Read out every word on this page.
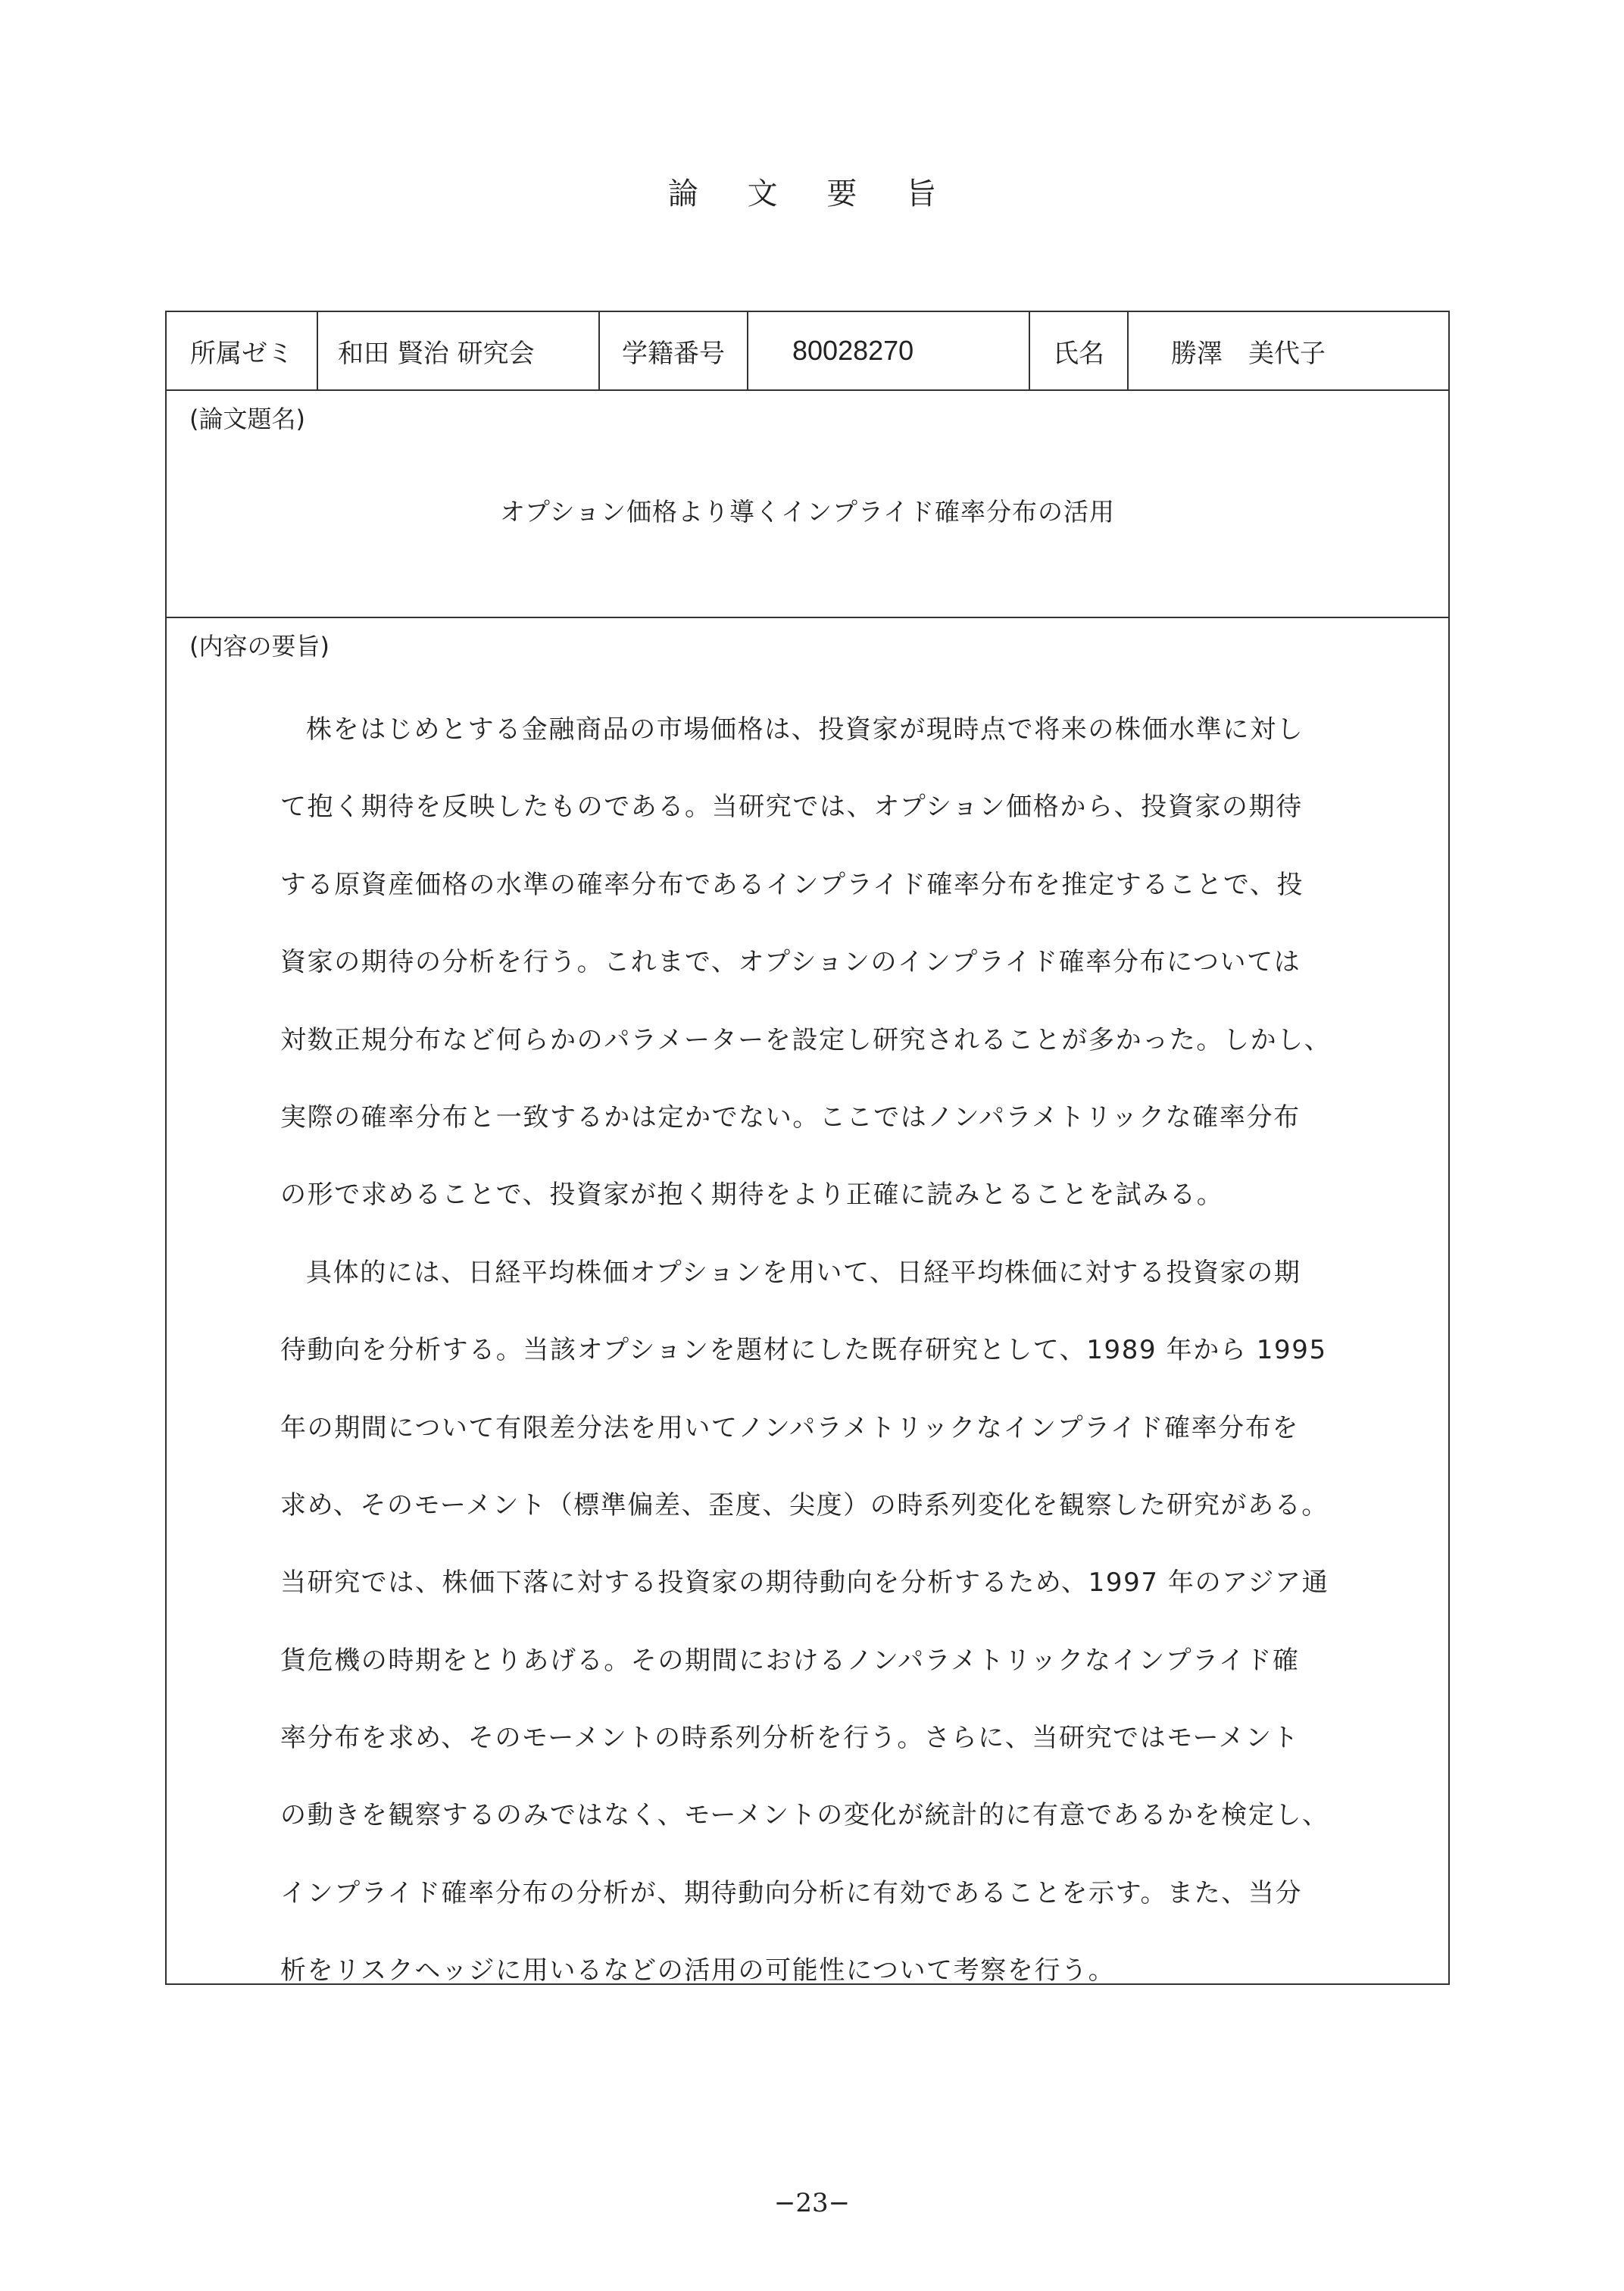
論 文 要 旨
所属ゼミ	和田 賢治 研究会	学籍番号	80028270	氏名	勝澤　美代子
(論文題名)
オプション価格より導くインプライド確率分布の活用
(内容の要旨)
株をはじめとする金融商品の市場価格は、投資家が現時点で将来の株価水準に対し
て抱く期待を反映したものである。当研究では、オプション価格から、投資家の期待
する原資産価格の水準の確率分布であるインプライド確率分布を推定することで、投
資家の期待の分析を行う。これまで、オプションのインプライド確率分布については
対数正規分布など何らかのパラメーターを設定し研究されることが多かった。しかし、
実際の確率分布と一致するかは定かでない。ここではノンパラメトリックな確率分布
の形で求めることで、投資家が抱く期待をより正確に読みとることを試みる。
具体的には、日経平均株価オプションを用いて、日経平均株価に対する投資家の期
待動向を分析する。当該オプションを題材にした既存研究として、1989 年から 1995
年の期間について有限差分法を用いてノンパラメトリックなインプライド確率分布を
求め、そのモーメント（標準偏差、歪度、尖度）の時系列変化を観察した研究がある。
当研究では、株価下落に対する投資家の期待動向を分析するため、1997 年のアジア通
貨危機の時期をとりあげる。その期間におけるノンパラメトリックなインプライド確
率分布を求め、そのモーメントの時系列分析を行う。さらに、当研究ではモーメント
の動きを観察するのみではなく、モーメントの変化が統計的に有意であるかを検定し、
インプライド確率分布の分析が、期待動向分析に有効であることを示す。また、当分
析をリスクヘッジに用いるなどの活用の可能性について考察を行う。
−23−
